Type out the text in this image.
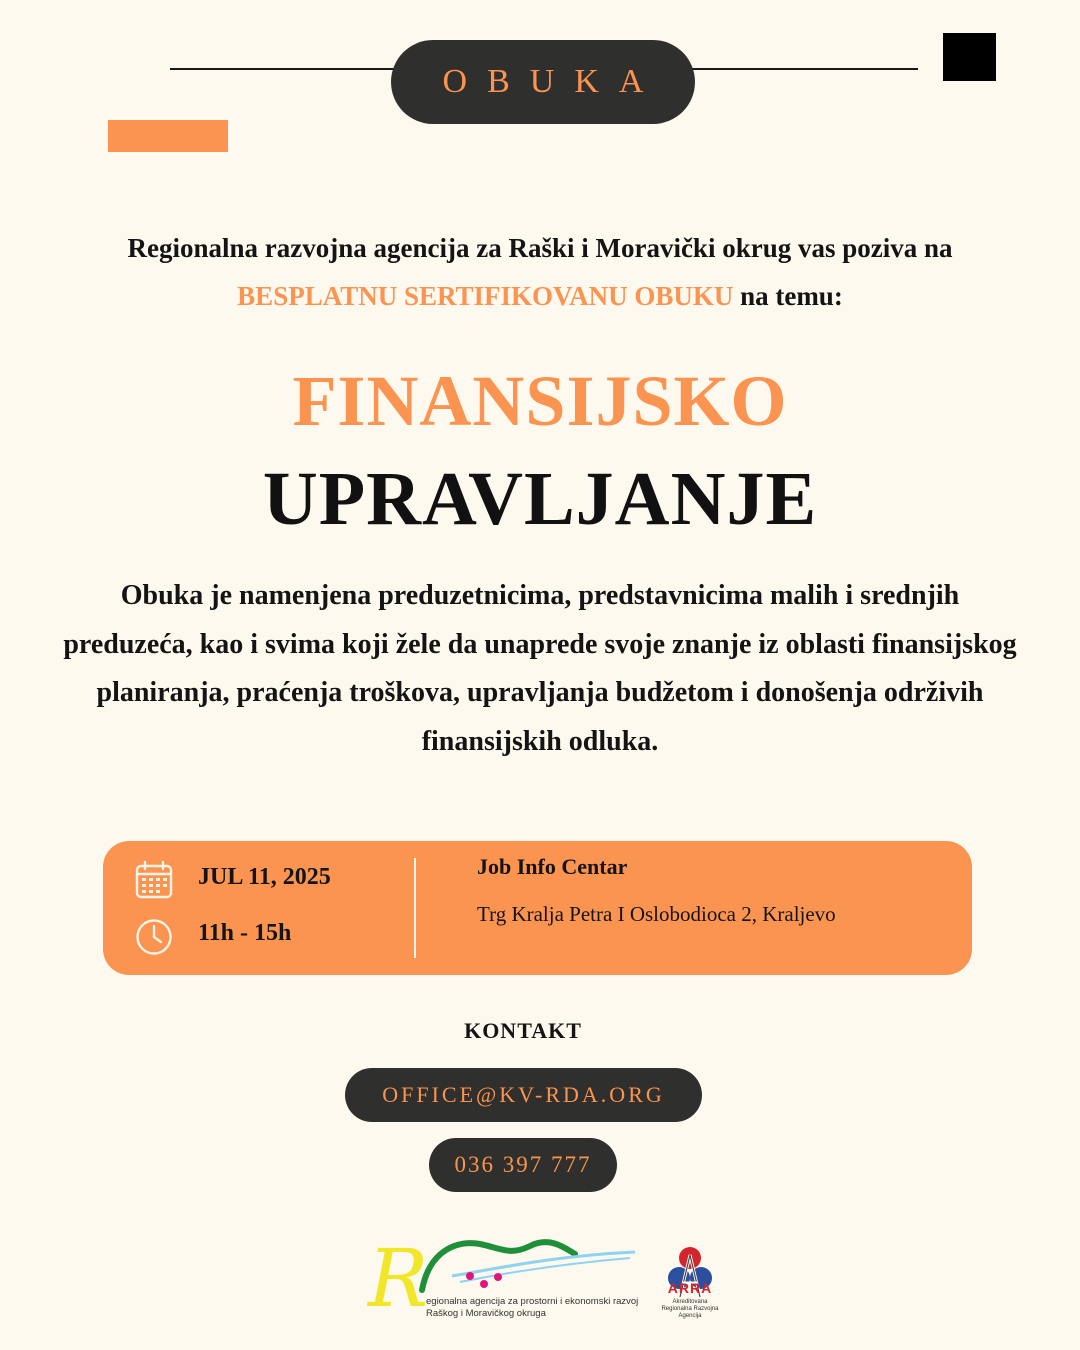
OBUKA
Regionalna razvojna agencija za Raški i Moravički okrug vas poziva na
BESPLATNU SERTIFIKOVANU OBUKU na temu:
FINANSIJSKO
UPRAVLJANJE
Obuka je namenjena preduzetnicima, predstavnicima malih i srednjih preduzeća, kao i svima koji žele da unaprede svoje znanje iz oblasti finansijskog planiranja, praćenja troškova, upravljanja budžetom i donošenja održivih finansijskih odluka.
JUL 11, 2025
11h - 15h
Job Info Centar
Trg Kralja Petra I Oslobodioca 2, Kraljevo
KONTAKT
OFFICE@KV-RDA.ORG
036 397 777
R
egionalna agencija za prostorni i ekonomski razvoj
Raškog i Moravičkog okruga
ARRA
Akreditovana Regionalna Razvojna Agencija
